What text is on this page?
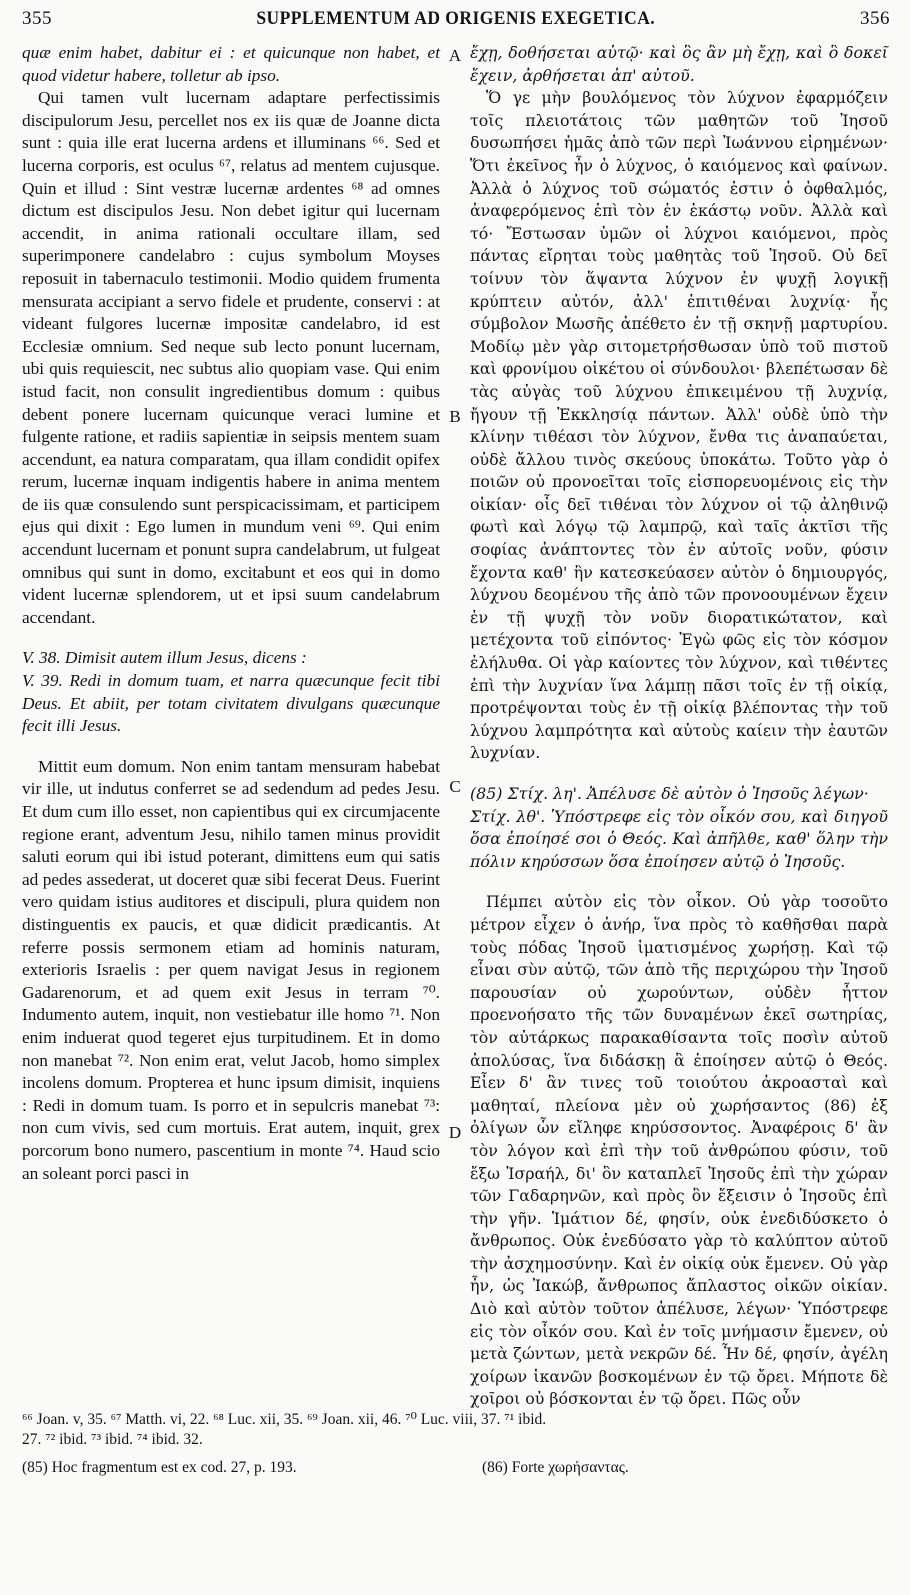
355	SUPPLEMENTUM AD ORIGENIS EXEGETICA.	356

quæ enim habet, dabitur ei : et quicunque non habet, et quod videtur habere, tolletur ab ipso.

Qui tamen vult lucernam adaptare perfectissimis discipulorum Jesu, percellet nos ex iis quæ de Joanne dicta sunt : quia ille erat lucerna ardens et illuminans ⁶⁶. Sed et lucerna corporis, est oculus ⁶⁷, relatus ad mentem cujusque. Quin et illud : Sint vestræ lucernæ ardentes ⁶⁸ ad omnes dictum est discipulos Jesu. Non debet igitur qui lucernam accendit, in anima rationali occultare illam, sed superimponere candelabro : cujus symbolum Moyses reposuit in tabernaculo testimonii. Modio quidem frumenta mensurata accipiant a servo fidele et prudente, conservi : at videant fulgores lucernæ impositæ candelabro, id est Ecclesiæ omnium. Sed neque sub lecto ponunt lucernam, ubi quis requiescit, nec subtus alio quopiam vase. Qui enim istud facit, non consulit ingredientibus domum : quibus debent ponere lucernam quicunque veraci lumine et fulgente ratione, et radiis sapientiæ in seipsis mentem suam accendunt, ea natura comparatam, qua illam condidit opifex rerum, lucernæ inquam indigentis habere in anima mentem de iis quæ consulendo sunt perspicacissimam, et participem ejus qui dixit : Ego lumen in mundum veni ⁶⁹. Qui enim accendunt lucernam et ponunt supra candelabrum, ut fulgeat omnibus qui sunt in domo, excitabunt et eos qui in domo vident lucernæ splendorem, ut et ipsi suum candelabrum accendant.

V. 38. Dimisit autem illum Jesus, dicens :

V. 39. Redi in domum tuam, et narra quæcunque fecit tibi Deus. Et abiit, per totam civitatem divulgans quæcunque fecit illi Jesus.

Mittit eum domum. Non enim tantam mensuram habebat vir ille, ut indutus conferret se ad sedendum ad pedes Jesu. Et dum cum illo esset, non capientibus qui ex circumjacente regione erant, adventum Jesu, nihilo tamen minus providit saluti eorum qui ibi istud poterant, dimittens eum qui satis ad pedes assederat, ut doceret quæ sibi fecerat Deus. Fuerint vero quidam istius auditores et discipuli, plura quidem non distinguentis ex paucis, et quæ didicit prædicantis. At referre possis sermonem etiam ad hominis naturam, exterioris Israelis : per quem navigat Jesus in regionem Gadarenorum, et ad quem exit Jesus in terram ⁷⁰. Indumento autem, inquit, non vestiebatur ille homo ⁷¹. Non enim induerat quod tegeret ejus turpitudinem. Et in domo non manebat ⁷². Non enim erat, velut Jacob, homo simplex incolens domum. Propterea et hunc ipsum dimisit, inquiens : Redi in domum tuam. Is porro et in sepulcris manebat ⁷³: non cum vivis, sed cum mortuis. Erat autem, inquit, grex porcorum bono numero, pascentium in monte ⁷⁴. Haud scio an soleant porci pasci in

ἔχῃ, δοθήσεται αὐτῷ· καὶ ὃς ἂν μὴ ἔχῃ, καὶ ὃ δοκεῖ ἔχειν, ἀρθήσεται ἀπ' αὐτοῦ.

Ὅ γε μὴν βουλόμενος τὸν λύχνον ἐφαρμόζειν τοῖς πλειοτάτοις τῶν μαθητῶν τοῦ Ἰησοῦ δυσωπήσει ἡμᾶς ἀπὸ τῶν περὶ Ἰωάννου εἰρημένων· Ὅτι ἐκεῖνος ἦν ὁ λύχνος, ὁ καιόμενος καὶ φαίνων. Ἀλλὰ ὁ λύχνος τοῦ σώματός ἐστιν ὁ ὀφθαλμός, ἀναφερόμενος ἐπὶ τὸν ἐν ἑκάστῳ νοῦν. Ἀλλὰ καὶ τό· Ἔστωσαν ὑμῶν οἱ λύχνοι καιόμενοι, πρὸς πάντας εἴρηται τοὺς μαθητὰς τοῦ Ἰησοῦ. Οὐ δεῖ τοίνυν τὸν ἅψαντα λύχνον ἐν ψυχῇ λογικῇ κρύπτειν αὐτόν, ἀλλ' ἐπιτιθέναι λυχνίᾳ· ἧς σύμβολον Μωσῆς ἀπέθετο ἐν τῇ σκηνῇ μαρτυρίου. Μοδίῳ μὲν γὰρ σιτομετρήσθωσαν ὑπὸ τοῦ πιστοῦ καὶ φρονίμου οἰκέτου οἱ σύνδουλοι· βλεπέτωσαν δὲ τὰς αὐγὰς τοῦ λύχνου ἐπικειμένου τῇ λυχνίᾳ, ἤγουν τῇ Ἐκκλησίᾳ πάντων. Ἀλλ' οὐδὲ ὑπὸ τὴν κλίνην τιθέασι τὸν λύχνον, ἔνθα τις ἀναπαύεται, οὐδὲ ἄλλου τινὸς σκεύους ὑποκάτω. Τοῦτο γὰρ ὁ ποιῶν οὐ προνοεῖται τοῖς εἰσπορευομένοις εἰς τὴν οἰκίαν· οἷς δεῖ τιθέναι τὸν λύχνον οἱ τῷ ἀληθινῷ φωτὶ καὶ λόγῳ τῷ λαμπρῷ, καὶ ταῖς ἀκτῖσι τῆς σοφίας ἀνάπτοντες τὸν ἐν αὐτοῖς νοῦν, φύσιν ἔχοντα καθ' ἣν κατεσκεύασεν αὐτὸν ὁ δημιουργός, λύχνου δεομένου τῆς ἀπὸ τῶν προνοουμένων ἔχειν ἐν τῇ ψυχῇ τὸν νοῦν διορατικώτατον, καὶ μετέχοντα τοῦ εἰπόντος· Ἐγὼ φῶς εἰς τὸν κόσμον ἐλήλυθα. Οἱ γὰρ καίοντες τὸν λύχνον, καὶ τιθέντες ἐπὶ τὴν λυχνίαν ἵνα λάμπῃ πᾶσι τοῖς ἐν τῇ οἰκίᾳ, προτρέψονται τοὺς ἐν τῇ οἰκίᾳ βλέποντας τὴν τοῦ λύχνου λαμπρότητα καὶ αὐτοὺς καίειν τὴν ἑαυτῶν λυχνίαν.

(85) Στίχ. λη'. Ἀπέλυσε δὲ αὐτὸν ὁ Ἰησοῦς λέγων·

Στίχ. λθ'. Ὑπόστρεφε εἰς τὸν οἶκόν σου, καὶ διηγοῦ ὅσα ἐποίησέ σοι ὁ Θεός. Καὶ ἀπῆλθε, καθ' ὅλην τὴν πόλιν κηρύσσων ὅσα ἐποίησεν αὐτῷ ὁ Ἰησοῦς.

Πέμπει αὐτὸν εἰς τὸν οἶκον. Οὐ γὰρ τοσοῦτο μέτρον εἶχεν ὁ ἀνήρ, ἵνα πρὸς τὸ καθῆσθαι παρὰ τοὺς πόδας Ἰησοῦ ἱματισμένος χωρήσῃ. Καὶ τῷ εἶναι σὺν αὐτῷ, τῶν ἀπὸ τῆς περιχώρου τὴν Ἰησοῦ παρουσίαν οὐ χωρούντων, οὐδὲν ἧττον προενοήσατο τῆς τῶν δυναμένων ἐκεῖ σωτηρίας, τὸν αὐτάρκως παρακαθίσαντα τοῖς ποσὶν αὐτοῦ ἀπολύσας, ἵνα διδάσκῃ ἃ ἐποίησεν αὐτῷ ὁ Θεός. Εἶεν δ' ἂν τινες τοῦ τοιούτου ἀκροασταὶ καὶ μαθηταί, πλείονα μὲν οὐ χωρήσαντος (86) ἐξ ὀλίγων ὧν εἴληφε κηρύσσοντος. Ἀναφέροις δ' ἂν τὸν λόγον καὶ ἐπὶ τὴν τοῦ ἀνθρώπου φύσιν, τοῦ ἔξω Ἰσραήλ, δι' ὃν καταπλεῖ Ἰησοῦς ἐπὶ τὴν χώραν τῶν Γαδαρηνῶν, καὶ πρὸς ὃν ἔξεισιν ὁ Ἰησοῦς ἐπὶ τὴν γῆν. Ἱμάτιον δέ, φησίν, οὐκ ἐνεδιδύσκετο ὁ ἄνθρωπος. Οὐκ ἐνεδύσατο γὰρ τὸ καλύπτον αὐτοῦ τὴν ἀσχημοσύνην. Καὶ ἐν οἰκίᾳ οὐκ ἔμενεν. Οὐ γὰρ ἦν, ὡς Ἰακώβ, ἄνθρωπος ἄπλαστος οἰκῶν οἰκίαν. Διὸ καὶ αὐτὸν τοῦτον ἀπέλυσε, λέγων· Ὑπόστρεφε εἰς τὸν οἶκόν σου. Καὶ ἐν τοῖς μνήμασιν ἔμενεν, οὐ μετὰ ζώντων, μετὰ νεκρῶν δέ. Ἦν δέ, φησίν, ἀγέλη χοίρων ἱκανῶν βοσκομένων ἐν τῷ ὄρει. Μήποτε δὲ χοῖροι οὐ βόσκονται ἐν τῷ ὄρει. Πῶς οὖν

A
B
C
D
⁶⁶ Joan. v, 35. ⁶⁷ Matth. vi, 22. ⁶⁸ Luc. xii, 35. ⁶⁹ Joan. xii, 46. ⁷⁰ Luc. viii, 37. ⁷¹ ibid.
27. ⁷² ibid. ⁷³ ibid. ⁷⁴ ibid. 32.
(85) Hoc fragmentum est ex cod. 27, p. 193.	(86) Forte χωρήσαντας.
